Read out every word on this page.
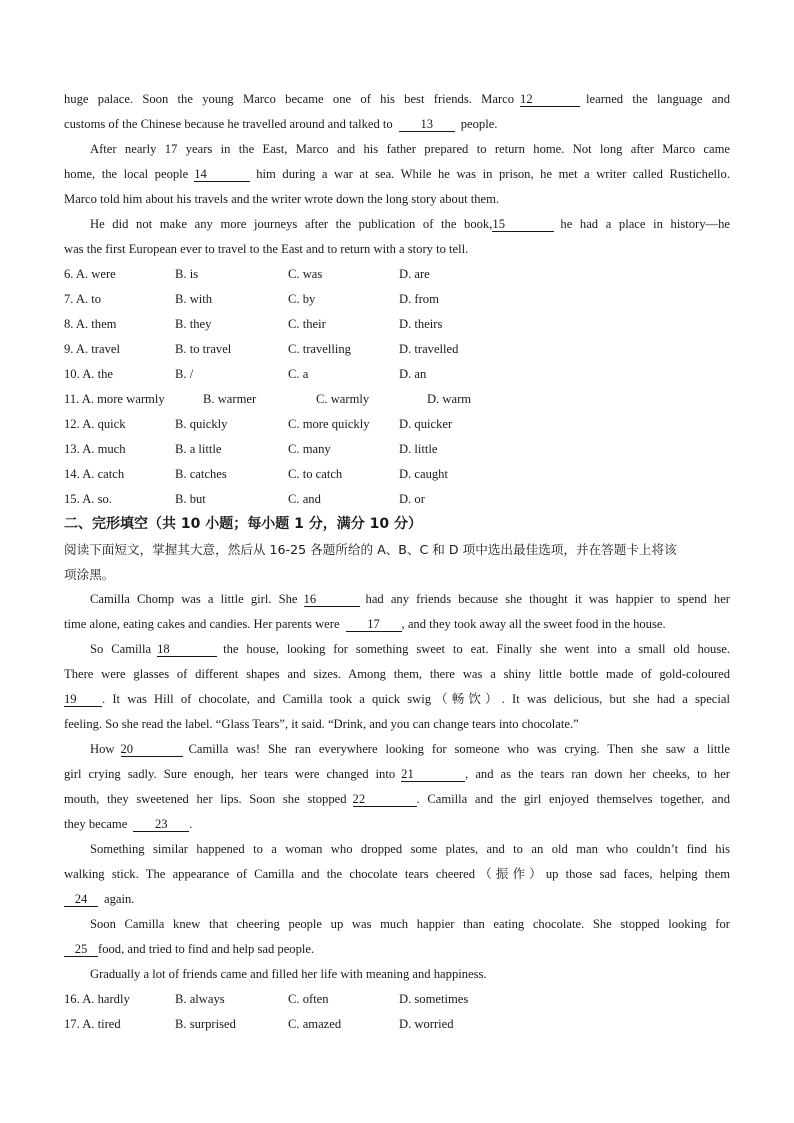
huge palace. Soon the young Marco became one of his best friends. Marco 12	learned the language and
customs of the Chinese because he travelled around and talked to 13 people.
After nearly 17 years in the East, Marco and his father prepared to return home. Not long after Marco came
home, the local people 14	him during a war at sea. While he was in prison, he met a writer called Rustichello.
Marco told him about his travels and the writer wrote down the long story about them.
He did not make any more journeys after the publication of the book,15	he had a place in history—he
was the first European ever to travel to the East and to return with a story to tell.
6. A. were	B. is	C. was	D. are
7. A. to	B. with	C. by	D. from
8. A. them	B. they	C. their	D. theirs
9. A. travel	B. to travel	C. travelling	D. travelled
10. A. the	B. /	C. a	D. an
11. A. more warmly	B. warmer	C. warmly	D. warm
12. A. quick	B. quickly	C. more quickly	D. quicker
13. A. much	B. a little	C. many	D. little
14. A. catch	B. catches	C. to catch	D. caught
15. A. so.	B. but	C. and	D. or
二、完形填空（共 10 小题；每小题 1 分，满分 10 分）
阅读下面短文，掌握其大意，然后从 16-25 各题所给的 A、B、C 和 D 项中选出最佳选项，并在答题卡上将该
项涂黑。
Camilla Chomp was a little girl. She 16	had any friends because she thought it was happier to spend her
time alone, eating cakes and candies. Her parents were 17 , and they took away all the sweet food in the house.
So Camilla 18	the house, looking for something sweet to eat. Finally she went into a small old house.
There were glasses of different shapes and sizes. Among them, there was a shiny little bottle made of gold-coloured
19 . It was Hill of chocolate, and Camilla took a quick swig（畅饮）. It was delicious, but she had a special
feeling. So she read the label. “Glass Tears”, it said. “Drink, and you can change tears into chocolate.”
How 20	Camilla was! She ran everywhere looking for someone who was crying. Then she saw a little
girl crying sadly. Sure enough, her tears were changed into 21	, and as the tears ran down her cheeks, to her
mouth, they sweetened her lips. Soon she stopped 22	. Camilla and the girl enjoyed themselves together, and
they became 23 .
Something similar happened to a woman who dropped some plates, and to an old man who couldn’t find his
walking stick. The appearance of Camilla and the chocolate tears cheered（振作）up those sad faces, helping them
24 again.
Soon Camilla knew that cheering people up was much happier than eating chocolate. She stopped looking for
25 food, and tried to find and help sad people.
Gradually a lot of friends came and filled her life with meaning and happiness.
16. A. hardly	B. always	C. often	D. sometimes
17. A. tired	B. surprised	C. amazed	D. worried
